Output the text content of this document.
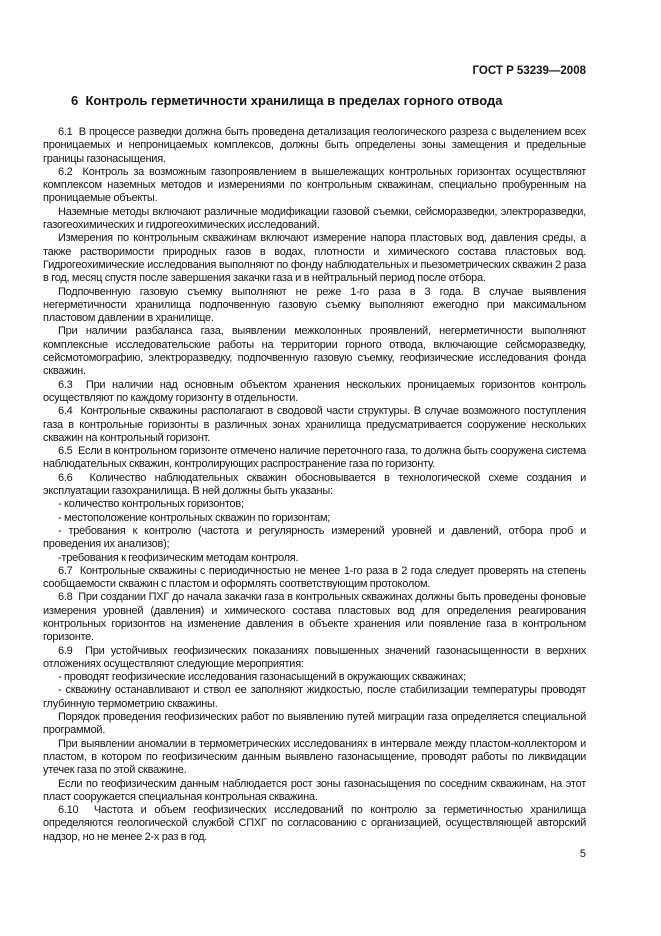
ГОСТ Р 53239—2008
6  Контроль герметичности хранилища в пределах горного отвода

6.1  В процессе разведки должна быть проведена детализация геологического разреза с выделением всех проницаемых и непроницаемых комплексов, должны быть определены зоны замещения и предельные границы газонасыщения.

6.2  Контроль за возможным газопроявлением в вышележащих контрольных горизонтах осуществляют комплексом наземных методов и измерениями по контрольным скважинам, специально пробуренным на проницаемые объекты.

Наземные методы включают различные модификации газовой съемки, сейсморазведки, электроразведки, газогеохимических и гидрогеохимических исследований.

Измерения по контрольным скважинам включают измерение напора пластовых вод, давления среды, а также растворимости природных газов в водах, плотности и химического состава пластовых вод. Гидрогеохимические исследования выполняют по фонду наблюдательных и пьезометрических скважин 2 раза в год, месяц спустя после завершения закачки газа и в нейтральный период после отбора.

Подпочвенную газовую съемку выполняют не реже 1-го раза в 3 года. В случае выявления негерметичности хранилища подпочвенную газовую съемку выполняют ежегодно при максимальном пластовом давлении в хранилище.

При наличии разбаланса газа, выявлении межколонных проявлений, негерметичности выполняют комплексные исследовательские работы на территории горного отвода, включающие сейсморазведку, сейсмотомографию, электроразведку, подпочвенную газовую съемку, геофизические исследования фонда скважин.

6.3  При наличии над основным объектом хранения нескольких проницаемых горизонтов контроль осуществляют по каждому горизонту в отдельности.

6.4  Контрольные скважины располагают в сводовой части структуры. В случае возможного поступления газа в контрольные горизонты в различных зонах хранилища предусматривается сооружение нескольких скважин на контрольный горизонт.

6.5  Если в контрольном горизонте отмечено наличие переточного газа, то должна быть сооружена система наблюдательных скважин, контролирующих распространение газа по горизонту.

6.6  Количество наблюдательных скважин обосновывается в технологической схеме создания и эксплуатации газохранилища. В ней должны быть указаны:

- количество контрольных горизонтов;

- местоположение контрольных скважин по горизонтам;

- требования к контролю (частота и регулярность измерений уровней и давлений, отбора проб и проведения их анализов);

-требования к геофизическим методам контроля.

6.7  Контрольные скважины с периодичностью не менее 1-го раза в 2 года следует проверять на степень сообщаемости скважин с пластом и оформлять соответствующим протоколом.

6.8  При создании ПХГ до начала закачки газа в контрольных скважинах должны быть проведены фоновые измерения уровней (давления) и химического состава пластовых вод для определения реагирования контрольных горизонтов на изменение давления в объекте хранения или появление газа в контрольном горизонте.

6.9  При устойчивых геофизических показаниях повышенных значений газонасыщенности в верхних отложениях осуществляют следующие мероприятия:

- проводят геофизические исследования газонасыщений в окружающих скважинах;

- скважину останавливают и ствол ее заполняют жидкостью, после стабилизации температуры проводят глубинную термометрию скважины.

Порядок проведения геофизических работ по выявлению путей миграции газа определяется специальной программой.

При выявлении аномалии в термометрических исследованиях в интервале между пластом-коллектором и пластом, в котором по геофизическим данным выявлено газонасыщение, проводят работы по ликвидации утечек газа по этой скважине.

Если по геофизическим данным наблюдается рост зоны газонасыщения по соседним скважинам, на этот пласт сооружается специальная контрольная скважина.

6.10  Частота и объем геофизических исследований по контролю за герметичностью хранилища определяются геологической службой СПХГ по согласованию с организацией, осуществляющей авторский надзор, но не менее 2-х раз в год.

5
